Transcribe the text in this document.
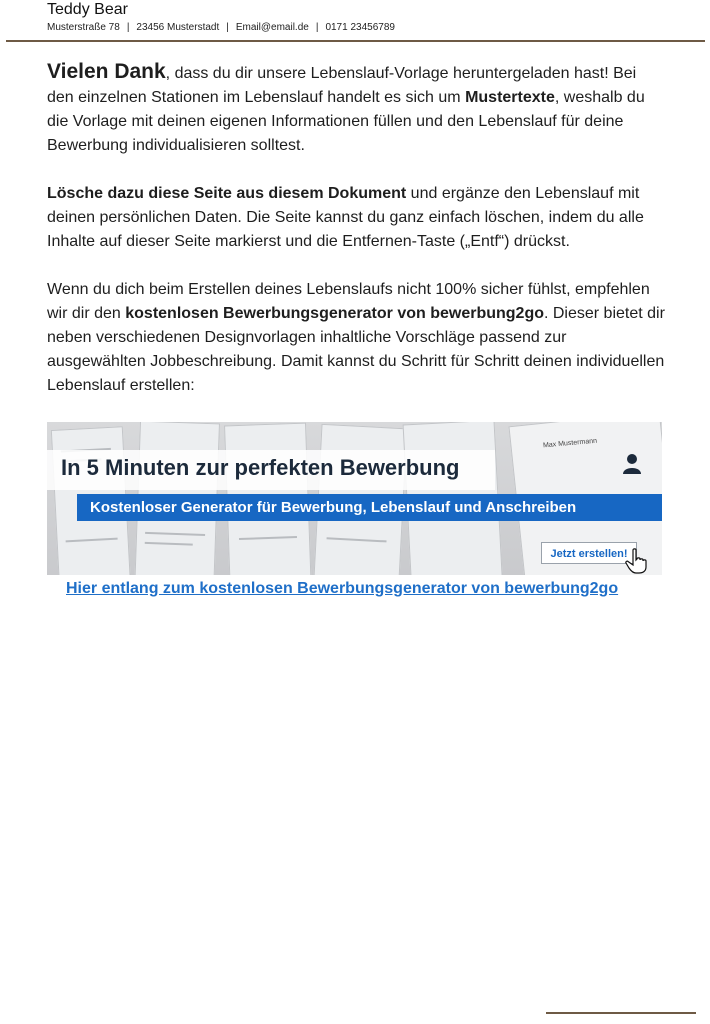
Teddy Bear
Musterstraße 78 | 23456 Musterstadt | Email@email.de | 0171 23456789

Vielen Dank, dass du dir unsere Lebenslauf-Vorlage heruntergeladen hast! Bei den einzelnen Stationen im Lebenslauf handelt es sich um Mustertexte, weshalb du die Vorlage mit deinen eigenen Informationen füllen und den Lebenslauf für deine Bewerbung individualisieren solltest.

Lösche dazu diese Seite aus diesem Dokument und ergänze den Lebenslauf mit deinen persönlichen Daten. Die Seite kannst du ganz einfach löschen, indem du alle Inhalte auf dieser Seite markierst und die Entfernen-Taste („Entf“) drückst.

Wenn du dich beim Erstellen deines Lebenslaufs nicht 100% sicher fühlst, empfehlen wir dir den kostenlosen Bewerbungsgenerator von bewerbung2go. Dieser bietet dir neben verschiedenen Designvorlagen inhaltliche Vorschläge passend zur ausgewählten Jobbeschreibung. Damit kannst du Schritt für Schritt deinen individuellen Lebenslauf erstellen:

Max Mustermann
In 5 Minuten zur perfekten Bewerbung
Kostenloser Generator für Bewerbung, Lebenslauf und Anschreiben
Jetzt erstellen!
Hier entlang zum kostenlosen Bewerbungsgenerator von bewerbung2go
